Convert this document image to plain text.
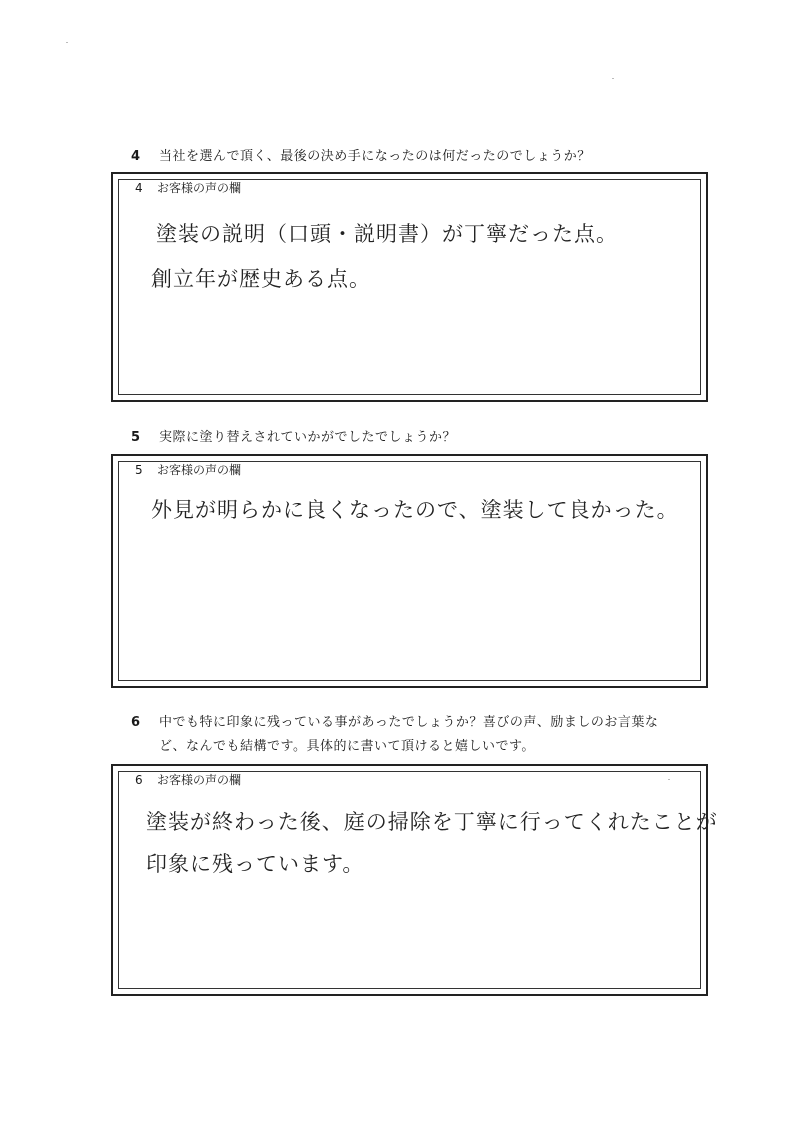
4 当社を選んで頂く、最後の決め手になったのは何だったのでしょうか？
4 お客様の声の欄
塗装の説明（口頭・説明書）が丁寧だった点。
創立年が歴史ある点。
5 実際に塗り替えされていかがでしたでしょうか？
5 お客様の声の欄
外見が明らかに良くなったので、塗装して良かった。
6 中でも特に印象に残っている事があったでしょうか？喜びの声、励ましのお言葉な
ど、なんでも結構です。具体的に書いて頂けると嬉しいです。
6 お客様の声の欄
塗装が終わった後、庭の掃除を丁寧に行ってくれたことが
印象に残っています。
